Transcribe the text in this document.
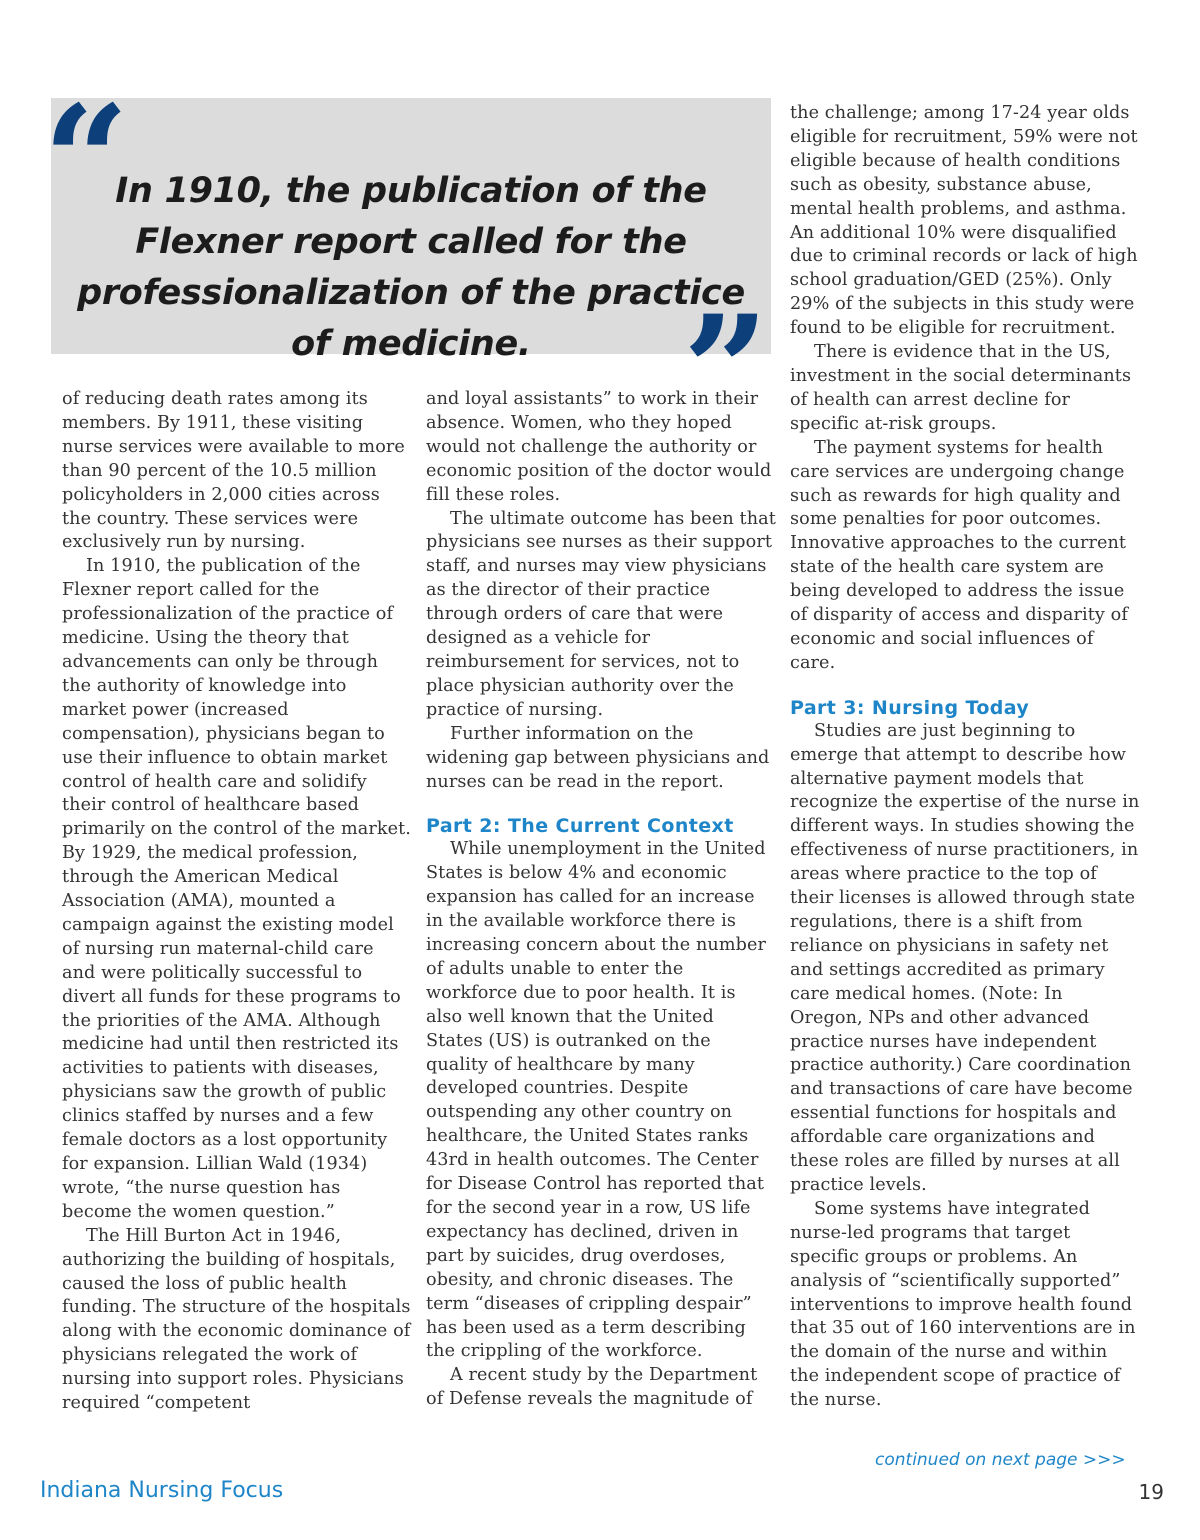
“
In 1910, the publication of the Flexner report called for the professionalization of the practice of medicine.	”

of reducing death rates among its members. By 1911, these visiting nurse services were available to more than 90 percent of the 10.5 million policyholders in 2,000 cities across the country. These services were exclusively run by nursing.

In 1910, the publication of the Flexner report called for the professionalization of the practice of medicine. Using the theory that advancements can only be through the authority of knowledge into market power (increased compensation), physicians began to use their influence to obtain market control of health care and solidify their control of healthcare based primarily on the control of the market. By 1929, the medical profession, through the American Medical Association (AMA), mounted a campaign against the existing model of nursing run maternal-child care and were politically successful to divert all funds for these programs to the priorities of the AMA. Although medicine had until then restricted its activities to patients with diseases, physicians saw the growth of public clinics staffed by nurses and a few female doctors as a lost opportunity for expansion. Lillian Wald (1934) wrote, “the nurse question has become the women question.”

The Hill Burton Act in 1946, authorizing the building of hospitals, caused the loss of public health funding. The structure of the hospitals along with the economic dominance of physicians relegated the work of nursing into support roles. Physicians required “competent

and loyal assistants” to work in their absence. Women, who they hoped would not challenge the authority or economic position of the doctor would fill these roles.

The ultimate outcome has been that physicians see nurses as their support staff, and nurses may view physicians as the director of their practice through orders of care that were designed as a vehicle for reimbursement for services, not to place physician authority over the practice of nursing.

Further information on the widening gap between physicians and nurses can be read in the report.

Part 2: The Current Context

While unemployment in the United States is below 4% and economic expansion has called for an increase in the available workforce there is increasing concern about the number of adults unable to enter the workforce due to poor health. It is also well known that the United States (US) is outranked on the quality of healthcare by many developed countries. Despite outspending any other country on healthcare, the United States ranks 43rd in health outcomes. The Center for Disease Control has reported that for the second year in a row, US life expectancy has declined, driven in part by suicides, drug overdoses, obesity, and chronic diseases. The term “diseases of crippling despair” has been used as a term describing the crippling of the workforce.

A recent study by the Department of Defense reveals the magnitude of

the challenge; among 17-24 year olds eligible for recruitment, 59% were not eligible because of health conditions such as obesity, substance abuse, mental health problems, and asthma. An additional 10% were disqualified due to criminal records or lack of high school graduation/GED (25%). Only 29% of the subjects in this study were found to be eligible for recruitment.

There is evidence that in the US, investment in the social determinants of health can arrest decline for specific at-risk groups.

The payment systems for health care services are undergoing change such as rewards for high quality and some penalties for poor outcomes. Innovative approaches to the current state of the health care system are being developed to address the issue of disparity of access and disparity of economic and social influences of care.

Part 3: Nursing Today

Studies are just beginning to emerge that attempt to describe how alternative payment models that recognize the expertise of the nurse in different ways. In studies showing the effectiveness of nurse practitioners, in areas where practice to the top of their licenses is allowed through state regulations, there is a shift from reliance on physicians in safety net and settings accredited as primary care medical homes. (Note: In Oregon, NPs and other advanced practice nurses have independent practice authority.) Care coordination and transactions of care have become essential functions for hospitals and affordable care organizations and these roles are filled by nurses at all practice levels.

Some systems have integrated nurse-led programs that target specific groups or problems. An analysis of “scientifically supported” interventions to improve health found that 35 out of 160 interventions are in the domain of the nurse and within the independent scope of practice of the nurse.

continued on next page >>>
Indiana Nursing Focus	19
